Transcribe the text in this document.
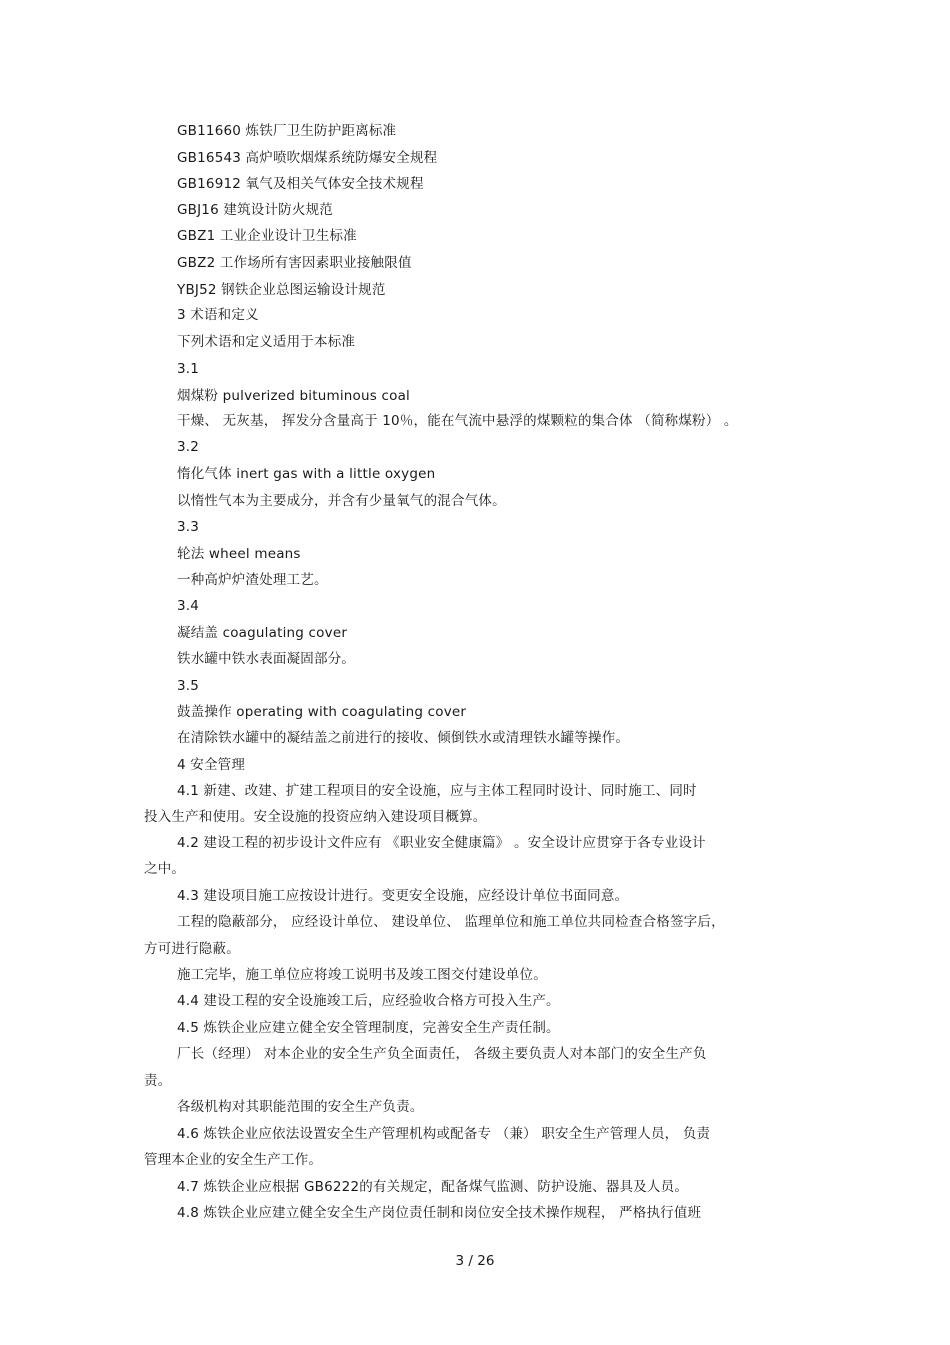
GB11660 炼铁厂卫生防护距离标准
GB16543 高炉喷吹烟煤系统防爆安全规程
GB16912 氧气及相关气体安全技术规程
GBJ16 建筑设计防火规范
GBZ1 工业企业设计卫生标准
GBZ2 工作场所有害因素职业接触限值
YBJ52 钢铁企业总图运输设计规范
3 术语和定义
下列术语和定义适用于本标准
3.1
烟煤粉 pulverized bituminous coal
干燥、 无灰基， 挥发分含量高于 10％，能在气流中悬浮的煤颗粒的集合体 （简称煤粉） 。
3.2
惰化气体 inert gas with a little oxygen
以惰性气本为主要成分，并含有少量氧气的混合气体。
3.3
轮法 wheel means
一种高炉炉渣处理工艺。
3.4
凝结盖 coagulating cover
铁水罐中铁水表面凝固部分。
3.5
鼓盖操作 operating with coagulating cover
在清除铁水罐中的凝结盖之前进行的接收、倾倒铁水或清理铁水罐等操作。
4 安全管理
4.1 新建、改建、扩建工程项目的安全设施，应与主体工程同时设计、同时施工、同时
投入生产和使用。安全设施的投资应纳入建设项目概算。
4.2 建设工程的初步设计文件应有 《职业安全健康篇》 。安全设计应贯穿于各专业设计
之中。
4.3 建设项目施工应按设计进行。变更安全设施，应经设计单位书面同意。
工程的隐蔽部分， 应经设计单位、 建设单位、 监理单位和施工单位共同检查合格签字后，
方可进行隐蔽。
施工完毕，施工单位应将竣工说明书及竣工图交付建设单位。
4.4 建设工程的安全设施竣工后，应经验收合格方可投入生产。
4.5 炼铁企业应建立健全安全管理制度，完善安全生产责任制。
厂长（经理） 对本企业的安全生产负全面责任， 各级主要负责人对本部门的安全生产负
责。
各级机构对其职能范围的安全生产负责。
4.6 炼铁企业应依法设置安全生产管理机构或配备专 （兼） 职安全生产管理人员， 负责
管理本企业的安全生产工作。
4.7 炼铁企业应根据 GB6222的有关规定，配备煤气监测、防护设施、器具及人员。
4.8 炼铁企业应建立健全安全生产岗位责任制和岗位安全技术操作规程， 严格执行值班
3 / 26
